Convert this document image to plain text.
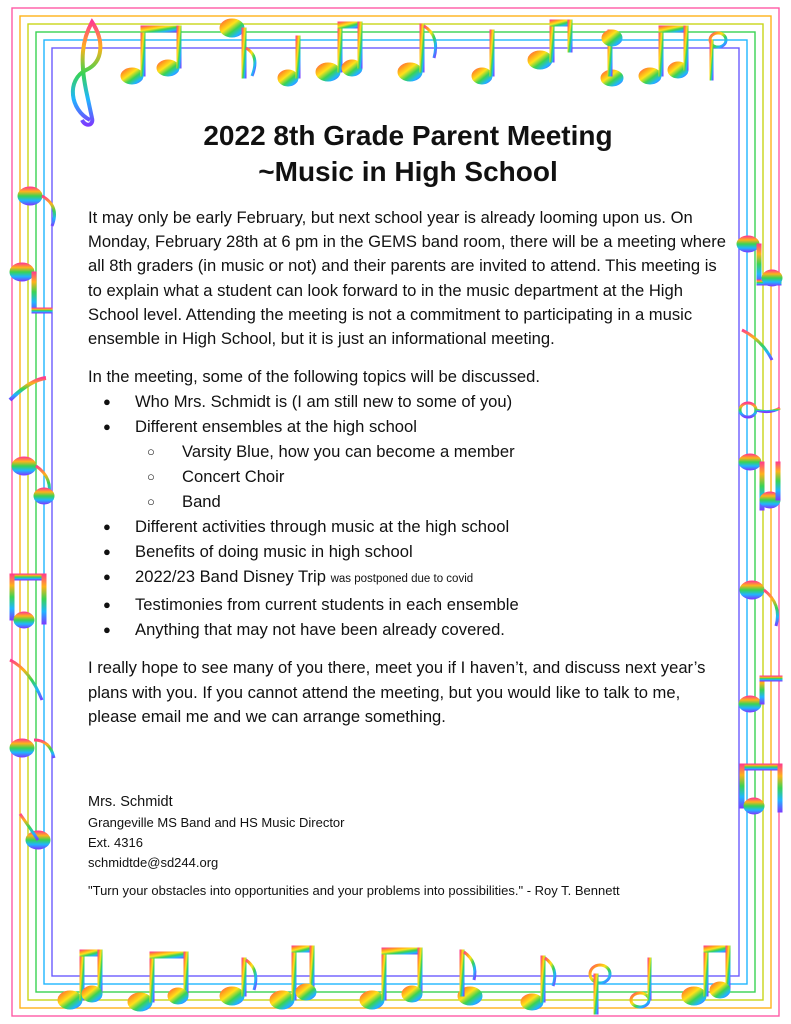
2022 8th Grade Parent Meeting
~Music in High School

It may only be early February, but next school year is already looming upon us. On Monday, February 28th at 6 pm in the GEMS band room, there will be a meeting where all 8th graders (in music or not) and their parents are invited to attend. This meeting is to explain what a student can look forward to in the music department at the High School level. Attending the meeting is not a commitment to participating in a music ensemble in High School, but it is just an informational meeting.

In the meeting, some of the following topics will be discussed.

● Who Mrs. Schmidt is (I am still new to some of you)
● Different ensembles at the high school
○ Varsity Blue, how you can become a member
○ Concert Choir
○ Band
● Different activities through music at the high school
● Benefits of doing music in high school
● 2022/23 Band Disney Trip was postponed due to covid
● Testimonies from current students in each ensemble
● Anything that may not have been already covered.

I really hope to see many of you there, meet you if I haven’t, and discuss next year’s plans with you. If you cannot attend the meeting, but you would like to talk to me, please email me and we can arrange something.

Mrs. Schmidt

Grangeville MS Band and HS Music Director

Ext. 4316

schmidtde@sd244.org

"Turn your obstacles into opportunities and your problems into possibilities." - Roy T. Bennett
